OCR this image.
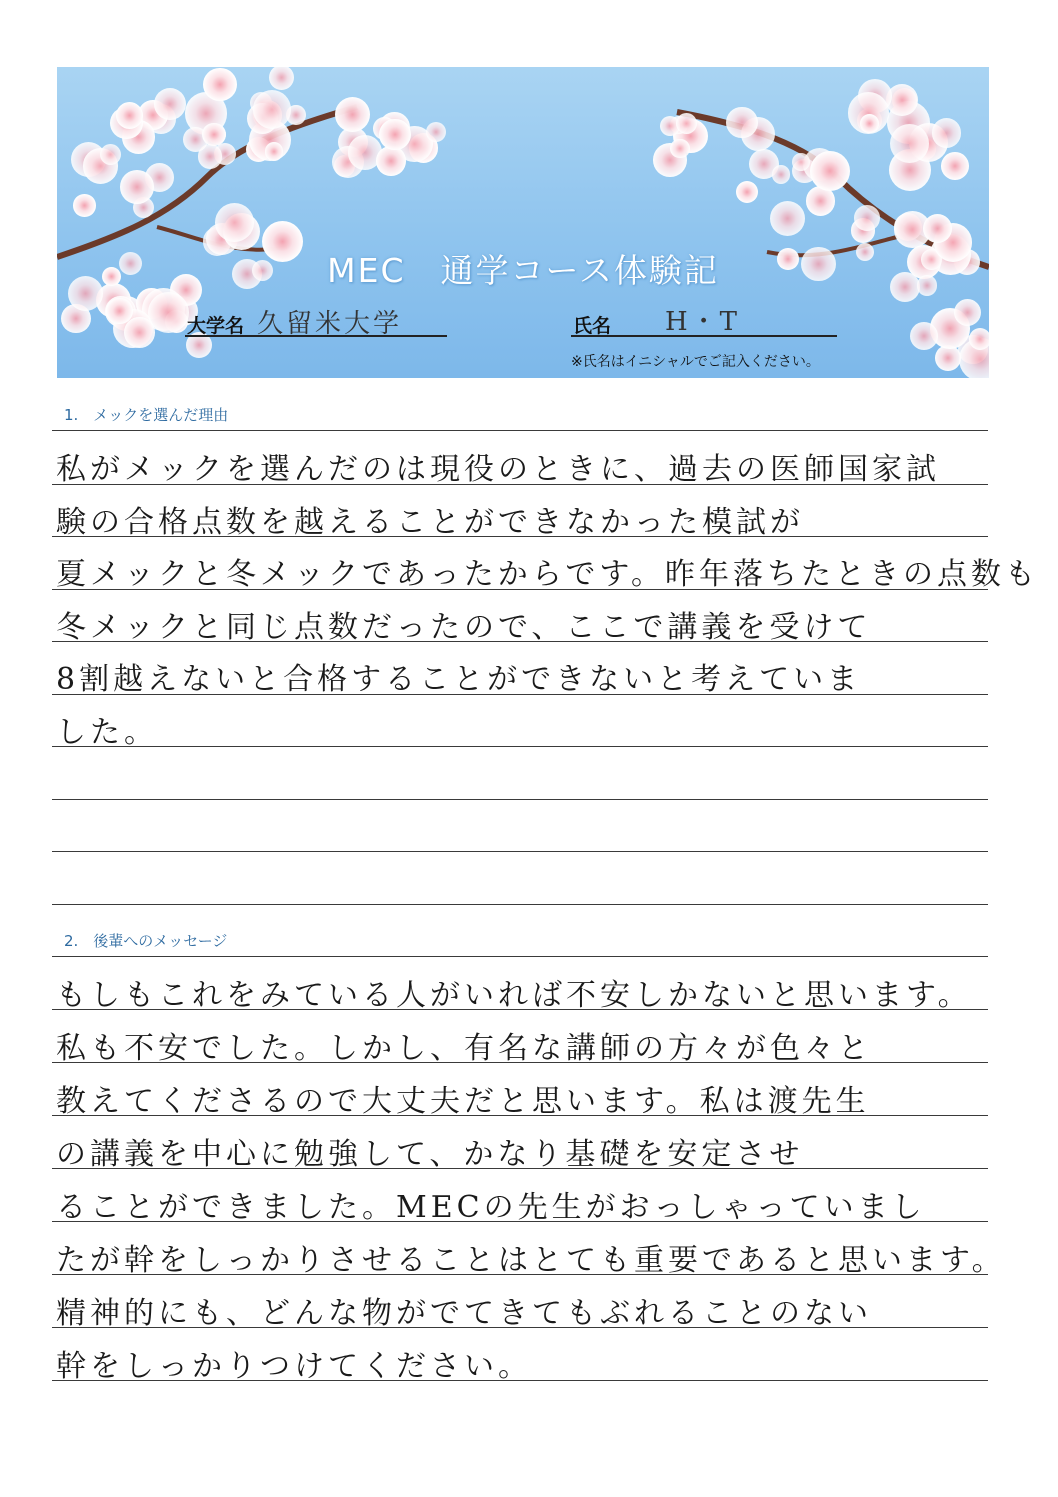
MEC　通学コース体験記
大学名 久留米大学	氏名 H・T
※氏名はイニシャルでご記入ください。
1.　メックを選んだ理由
私がメックを選んだのは現役のときに、過去の医師国家試
験の合格点数を越えることができなかった模試が
夏メックと冬メックであったからです。昨年落ちたときの点数も
冬メックと同じ点数だったので、ここで講義を受けて
8割越えないと合格することができないと考えていま
した。
2.　後輩へのメッセージ
もしもこれをみている人がいれば不安しかないと思います。
私も不安でした。しかし、有名な講師の方々が色々と
教えてくださるので大丈夫だと思います。私は渡先生
の講義を中心に勉強して、かなり基礎を安定させ
ることができました。MECの先生がおっしゃっていまし
たが幹をしっかりさせることはとても重要であると思います。
精神的にも、どんな物がでてきてもぶれることのない
幹をしっかりつけてください。
